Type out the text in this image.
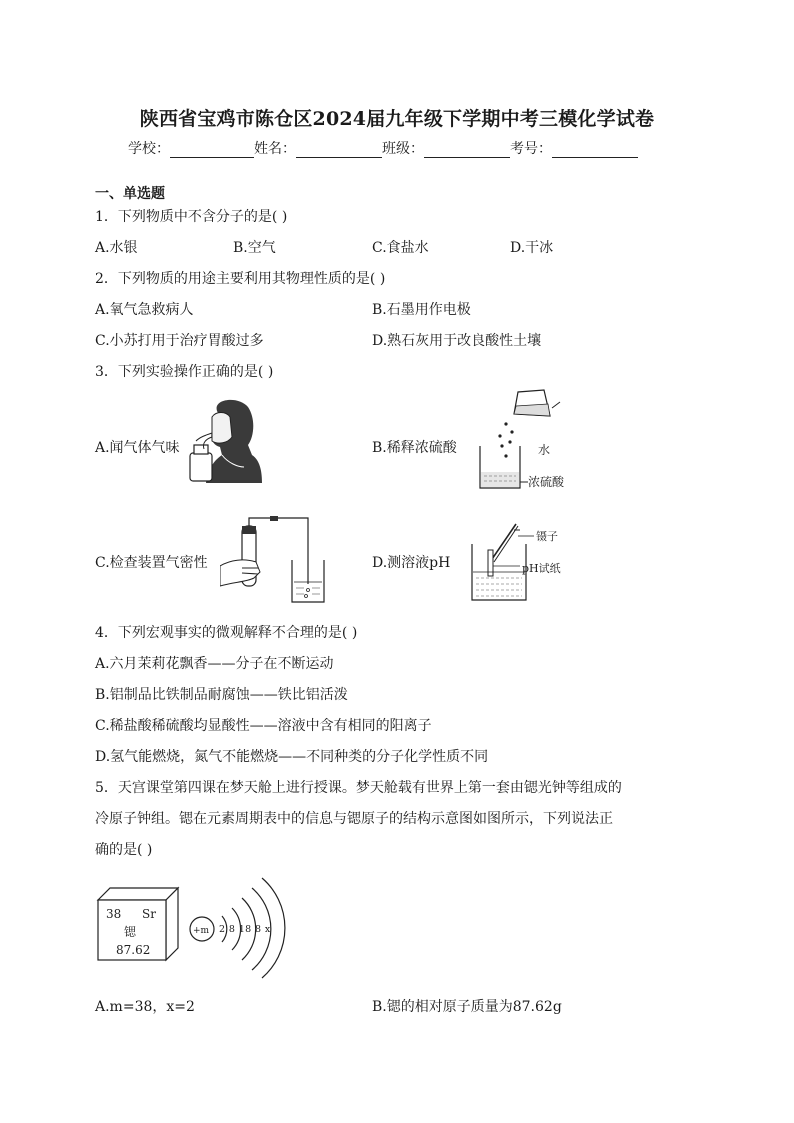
陕西省宝鸡市陈仓区2024届九年级下学期中考三模化学试卷
学校：	姓名：	班级：	考号：
一、单选题
1．下列物质中不含分子的是( )
A.水银	B.空气	C.食盐水	D.干冰
2．下列物质的用途主要利用其物理性质的是( )
A.氧气急救病人	B.石墨用作电极
C.小苏打用于治疗胃酸过多	D.熟石灰用于改良酸性土壤
3．下列实验操作正确的是( )
A.闻气体气味	B.稀释浓硫酸	水
浓硫酸
C.检查装置气密性	D.测溶液pH
镊子
pH试纸
4．下列宏观事实的微观解释不合理的是( )
A.六月茉莉花飘香——分子在不断运动
B.铝制品比铁制品耐腐蚀——铁比铝活泼
C.稀盐酸稀硫酸均显酸性——溶液中含有相同的阳离子
D.氢气能燃烧，氮气不能燃烧——不同种类的分子化学性质不同
5．天宫课堂第四课在梦天舱上进行授课。梦天舱载有世界上第一套由锶光钟等组成的
冷原子钟组。锶在元素周期表中的信息与锶原子的结构示意图如图所示，下列说法正
确的是( )
38 Sr
锶
87.62
+m 2 8 18 8 x
A.m=38，x=2	B.锶的相对原子质量为87.62g
